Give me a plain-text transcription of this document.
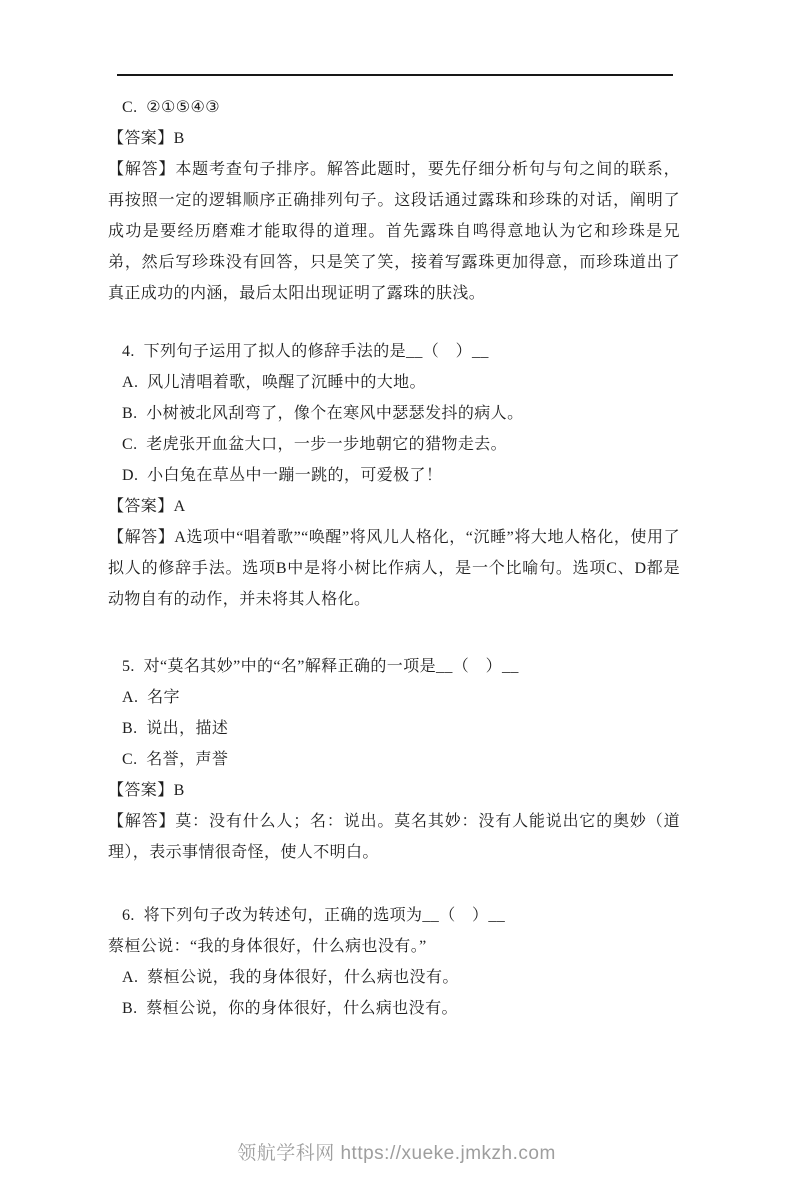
C.  ②①⑤④③
【答案】B

【解答】本题考查句子排序。解答此题时，要先仔细分析句与句之间的联系，再按照一定的逻辑顺序正确排列句子。这段话通过露珠和珍珠的对话，阐明了成功是要经历磨难才能取得的道理。首先露珠自鸣得意地认为它和珍珠是兄弟，然后写珍珠没有回答，只是笑了笑，接着写露珠更加得意，而珍珠道出了真正成功的内涵，最后太阳出现证明了露珠的肤浅。

4.  下列句子运用了拟人的修辞手法的是__（　）__
A.  风儿清唱着歌，唤醒了沉睡中的大地。
B.  小树被北风刮弯了，像个在寒风中瑟瑟发抖的病人。
C.  老虎张开血盆大口，一步一步地朝它的猎物走去。
D.  小白兔在草丛中一蹦一跳的，可爱极了！
【答案】A

【解答】A选项中“唱着歌”“唤醒”将风儿人格化，“沉睡”将大地人格化，使用了拟人的修辞手法。选项B中是将小树比作病人，是一个比喻句。选项C、D都是动物自有的动作，并未将其人格化。

5.  对“莫名其妙”中的“名”解释正确的一项是__（　）__
A.  名字
B.  说出，描述
C.  名誉，声誉
【答案】B

【解答】莫：没有什么人；名：说出。莫名其妙：没有人能说出它的奥妙（道理），表示事情很奇怪，使人不明白。

6.  将下列句子改为转述句，正确的选项为__（　）__
蔡桓公说：“我的身体很好，什么病也没有。”
A.  蔡桓公说，我的身体很好，什么病也没有。
B.  蔡桓公说，你的身体很好，什么病也没有。
领航学科网 https://xueke.jmkzh.com
